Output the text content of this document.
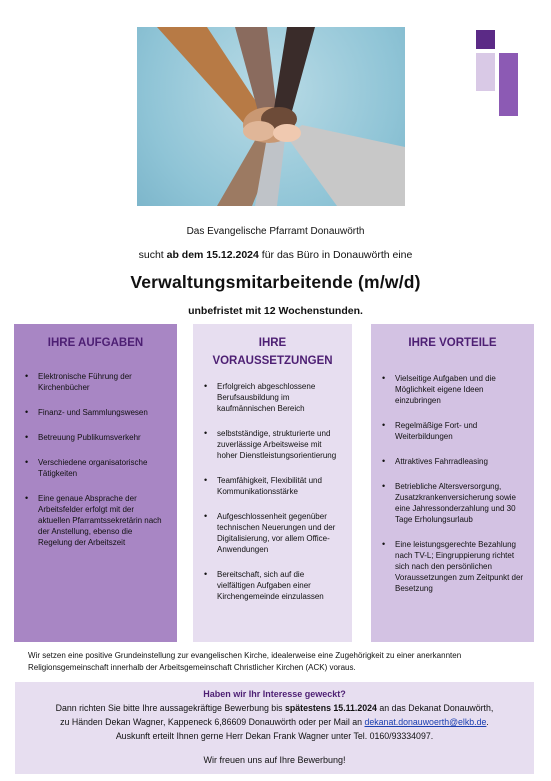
Das Evangelische Pfarramt Donauwörth
sucht ab dem 15.12.2024 für das Büro in Donauwörth eine
Verwaltungsmitarbeitende (m/w/d)
unbefristet mit 12 Wochenstunden.
IHRE AUFGABEN
• Elektronische Führung der Kirchenbücher
• Finanz- und Sammlungswesen
• Betreuung Publikumsverkehr
• Verschiedene organisatorische Tätigkeiten
• Eine genaue Absprache der Arbeitsfelder erfolgt mit der aktuellen Pfarramtssekretärin nach der Anstellung, ebenso die Regelung der Arbeitszeit
IHRE VORAUSSETZUNGEN
• Erfolgreich abgeschlossene Berufsausbildung im kaufmännischen Bereich
• selbstständige, strukturierte und zuverlässige Arbeitsweise mit hoher Dienstleistungsorientierung
• Teamfähigkeit, Flexibilität und Kommunikationsstärke
• Aufgeschlossenheit gegenüber technischen Neuerungen und der Digitalisierung, vor allem Office-Anwendungen
• Bereitschaft, sich auf die vielfältigen Aufgaben einer Kirchengemeinde einzulassen
IHRE VORTEILE
• Vielseitige Aufgaben und die Möglichkeit eigene Ideen einzubringen
• Regelmäßige Fort- und Weiterbildungen
• Attraktives Fahrradleasing
• Betriebliche Altersversorgung, Zusatzkrankenversicherung sowie eine Jahressonderzahlung und 30 Tage Erholungsurlaub
• Eine leistungsgerechte Bezahlung nach TV-L; Eingruppierung richtet sich nach den persönlichen Voraussetzungen zum Zeitpunkt der Besetzung
Wir setzen eine positive Grundeinstellung zur evangelischen Kirche, idealerweise eine Zugehörigkeit zu einer anerkannten Religionsgemeinschaft innerhalb der Arbeitsgemeinschaft Christlicher Kirchen (ACK) voraus.
Haben wir Ihr Interesse geweckt?
Dann richten Sie bitte Ihre aussagekräftige Bewerbung bis spätestens 15.11.2024 an das Dekanat Donauwörth,
zu Händen Dekan Wagner, Kappeneck 6,86609 Donauwörth oder per Mail an dekanat.donauwoerth@elkb.de.
Auskunft erteilt Ihnen gerne Herr Dekan Frank Wagner unter Tel. 0160/93334097.
Wir freuen uns auf Ihre Bewerbung!
